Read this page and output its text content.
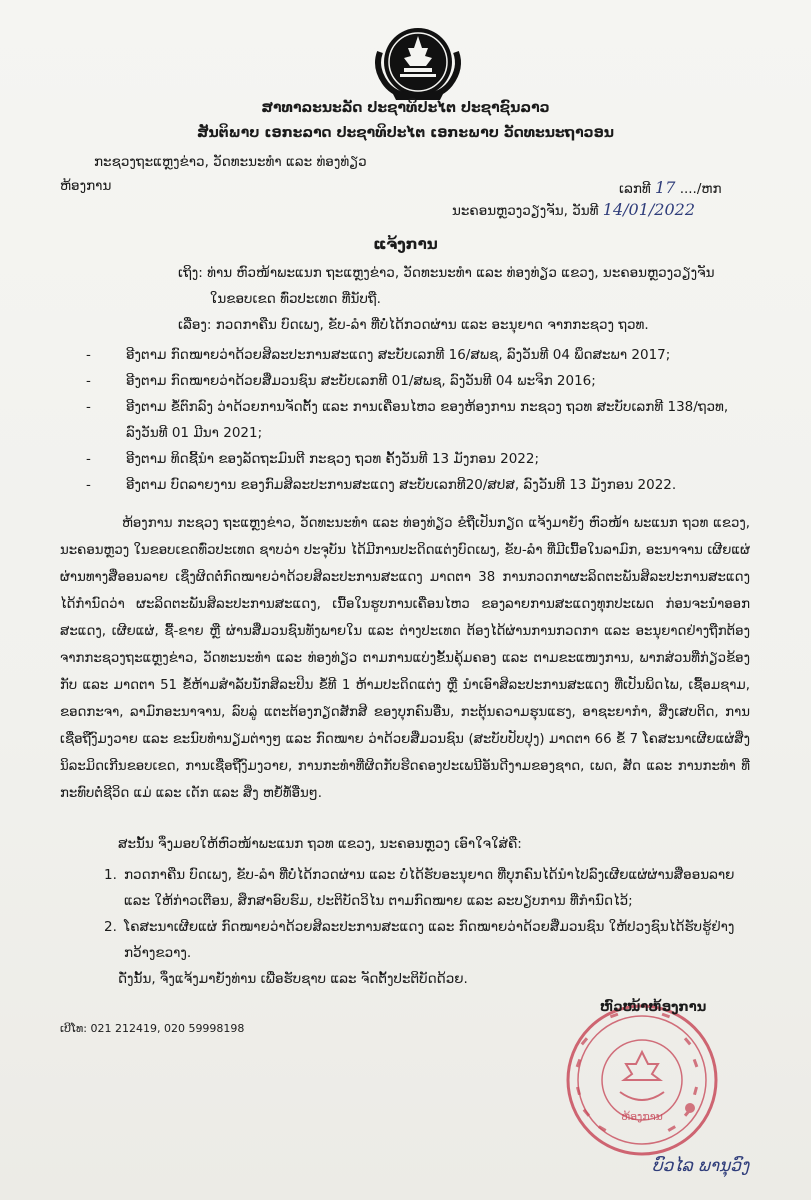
ສາທາລະນະລັດ ປະຊາທິປະໄຕ ປະຊາຊົນລາວ
ສັນຕິພາບ ເອກະລາດ ປະຊາທິປະໄຕ ເອກະພາບ ວັດທະນະຖາວອນ
ກະຊວງຖະແຫຼງຂ່າວ, ວັດທະນະທຳ ແລະ ທ່ອງທ່ຽວ
ຫ້ອງການ	ເລກທີ 17 ..../ຫກ
ນະຄອນຫຼວງວຽງຈັນ, ວັນທີ 14/01/2022
ແຈ້ງການ
ເຖິງ: ທ່ານ ຫົວໜ້າພະແນກ ຖະແຫຼງຂ່າວ, ວັດທະນະທຳ ແລະ ທ່ອງທ່ຽວ ແຂວງ, ນະຄອນຫຼວງວຽງຈັນ
ໃນຂອບເຂດ ທົ່ວປະເທດ ທີ່ນັບຖື.
ເລື່ອງ: ກວດກາຄືນ ບົດເພງ, ຂັບ-ລຳ ທີ່ບໍ່ໄດ້ກວດຜ່ານ ແລະ ອະນຸຍາດ ຈາກກະຊວງ ຖວທ.
- ອີງຕາມ ກົດໝາຍວ່າດ້ວຍສິລະປະການສະແດງ ສະບັບເລກທີ 16/ສພຊ, ລົງວັນທີ 04 ພຶດສະພາ 2017;
- ອີງຕາມ ກົດໝາຍວ່າດ້ວຍສື່ມວນຊົນ ສະບັບເລກທີ 01/ສພຊ, ລົງວັນທີ 04 ພະຈິກ 2016;
- ອີງຕາມ ຂໍ້ຕົກລົງ ວ່າດ້ວຍການຈັດຕັ້ງ ແລະ ການເຄື່ອນໄຫວ ຂອງຫ້ອງການ ກະຊວງ ຖວທ ສະບັບເລກທີ 138/ຖວທ, ລົງວັນທີ 01 ມີນາ 2021;
- ອີງຕາມ ທິດຊີ້ນຳ ຂອງລັດຖະມົນຕີ ກະຊວງ ຖວທ ຄັ້ງວັນທີ 13 ມັງກອນ 2022;
- ອີງຕາມ ບົດລາຍງານ ຂອງກົມສິລະປະການສະແດງ ສະບັບເລກທີ20/ສປສ, ລົງວັນທີ 13 ມັງກອນ 2022.

ຫ້ອງການ ກະຊວງ ຖະແຫຼງຂ່າວ, ວັດທະນະທຳ ແລະ ທ່ອງທ່ຽວ ຂໍຖືເປັນກຽດ ແຈ້ງມາຍັງ ຫົວໜ້າ ພະແນກ ຖວທ ແຂວງ, ນະຄອນຫຼວງ ໃນຂອບເຂດທົ່ວປະເທດ ຊາບວ່າ ປະຈຸບັນ ໄດ້ມີການປະດິດແຕ່ງບົດເພງ, ຂັບ-ລຳ ທີ່ມີເນື້ອໃນລາມົກ, ອະນາຈານ ເຜີຍແຜ່ຜ່ານທາງສື່ອອນລາຍ ເຊິ່ງຜິດຕໍ່ກົດໝາຍວ່າດ້ວຍສິລະປະການສະແດງ ມາດຕາ 38 ການກວດກາຜະລິດຕະພັນສິລະປະການສະແດງ ໄດ້ກຳນົດວ່າ ຜະລິດຕະພັນສິລະປະການສະແດງ, ເນື້ອໃນຮູບການເຄື່ອນໄຫວ ຂອງລາຍການສະແດງທຸກປະເພດ ກ່ອນຈະນຳອອກສະແດງ, ເຜີຍແຜ່, ຊື້-ຂາຍ ຫຼື ຜ່ານສື່ມວນຊົນທັງພາຍໃນ ແລະ ຕ່າງປະເທດ ຕ້ອງໄດ້ຜ່ານການກວດກາ ແລະ ອະນຸຍາດຢ່າງຖືກຕ້ອງ ຈາກກະຊວງຖະແຫຼງຂ່າວ, ວັດທະນະທຳ ແລະ ທ່ອງທ່ຽວ ຕາມການແບ່ງຂັ້ນຄຸ້ມຄອງ ແລະ ຕາມຂະແໜງການ, ພາກສ່ວນທີ່ກ່ຽວຂ້ອງກັບ ແລະ ມາດຕາ 51 ຂໍ້ຫ້າມສຳລັບນັກສິລະປິນ ຂໍ້ທີ 1 ຫ້າມປະດິດແຕ່ງ ຫຼື ນຳເອົາສິລະປະການສະແດງ ທີ່ເປັນພິດໄພ, ເຊື້ອມຊາມ, ຂອດກະຈາ, ລາມົກອະນາຈານ, ລົບລູ່ ແຕະຕ້ອງກຽດສັກສີ ຂອງບຸກຄົນອື່ນ, ກະຕຸ້ນຄວາມຮຸນແຮງ, ອາຊະຍາກຳ, ສິ່ງເສບຕິດ, ການເຊື່ອຖືງົມງວາຍ ແລະ ຂະນົບທຳນຽມຕ່າງໆ ແລະ ກົດໝາຍ ວ່າດ້ວຍສື່ມວນຊົນ (ສະບັບປັບປຸງ) ມາດຕາ 66 ຂໍ້ 7 ໂຄສະນາເຜີຍແຜ່ສິ່ງນິລະມິດເກີນຂອບເຂດ, ການເຊື່ອຖືງົມງວາຍ, ການກະທຳທີ່ຜິດກັບຮີດຄອງປະເພນີອັນດີງາມຂອງຊາດ, ເພດ, ສັດ ແລະ ການກະທຳ ທີ່ກະທົບຕໍ່ຊີວິດ ແມ່ ແລະ ເດັກ ແລະ ສິ່ງ ຫຍໍ້ທໍ້ອື່ນໆ.

ສະນັ້ນ ຈຶ່ງມອບໃຫ້ຫົວໜ້າພະແນກ ຖວທ ແຂວງ, ນະຄອນຫຼວງ ເອົາໃຈໃສ່ຄື:
1. ກວດກາຄືນ ບົດເພງ, ຂັບ-ລຳ ທີ່ບໍ່ໄດ້ກວດຜ່ານ ແລະ ບໍ່ໄດ້ຮັບອະນຸຍາດ ທີ່ບຸກຄົນໄດ້ນຳໄປລົງເຜີຍແຜ່ຜ່ານສື່ອອນລາຍ ແລະ ໃຫ້ກ່າວເຕືອນ, ສຶກສາອົບຮົມ, ປະຕິບັດວິໄນ ຕາມກົດໝາຍ ແລະ ລະບຽບການ ທີ່ກຳນົດໄວ້;
2. ໂຄສະນາເຜີຍແຜ່ ກົດໝາຍວ່າດ້ວຍສິລະປະການສະແດງ ແລະ ກົດໝາຍວ່າດ້ວຍສື່ມວນຊົນ ໃຫ້ປວງຊົນໄດ້ຮັບຮູ້ຢ່າງກວ້າງຂວາງ.
ດັ່ງນັ້ນ, ຈຶ່ງແຈ້ງມາຍັງທ່ານ ເພື່ອຮັບຊາບ ແລະ ຈັດຕັ້ງປະຕິບັດດ້ວຍ.
ເບີໂທ: 021 212419, 020 59998198
ຫ້ອງການ
ຫົວໜ້າຫ້ອງການ
ບົວໄລ ພານຸວົງ
